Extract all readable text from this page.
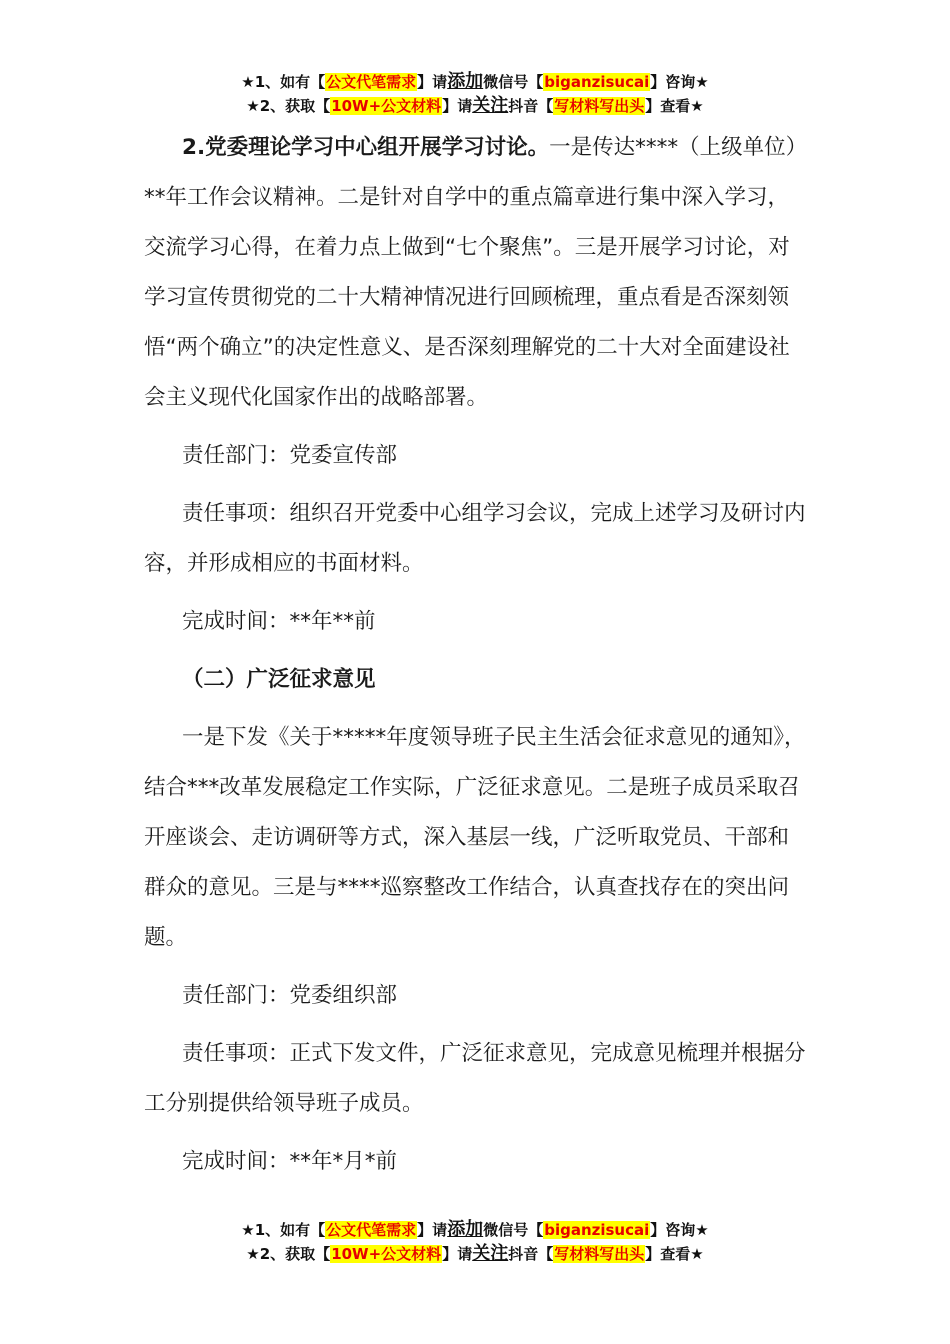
★1、如有【公文代笔需求】请添加微信号【biganzisucai】咨询★
★2、获取【10W+公文材料】请关注抖音【写材料写出头】查看★

2.党委理论学习中心组开展学习讨论。一是传达****（上级单位）**年工作会议精神。二是针对自学中的重点篇章进行集中深入学习，交流学习心得，在着力点上做到“七个聚焦”。三是开展学习讨论，对学习宣传贯彻党的二十大精神情况进行回顾梳理，重点看是否深刻领悟“两个确立”的决定性意义、是否深刻理解党的二十大对全面建设社会主义现代化国家作出的战略部署。

责任部门：党委宣传部

责任事项：组织召开党委中心组学习会议，完成上述学习及研讨内容，并形成相应的书面材料。

完成时间：**年**前

（二）广泛征求意见

一是下发《关于*****年度领导班子民主生活会征求意见的通知》，结合***改革发展稳定工作实际，广泛征求意见。二是班子成员采取召开座谈会、走访调研等方式，深入基层一线，广泛听取党员、干部和群众的意见。三是与****巡察整改工作结合，认真查找存在的突出问题。

责任部门：党委组织部

责任事项：正式下发文件，广泛征求意见，完成意见梳理并根据分工分别提供给领导班子成员。

完成时间：**年*月*前

★1、如有【公文代笔需求】请添加微信号【biganzisucai】咨询★
★2、获取【10W+公文材料】请关注抖音【写材料写出头】查看★
